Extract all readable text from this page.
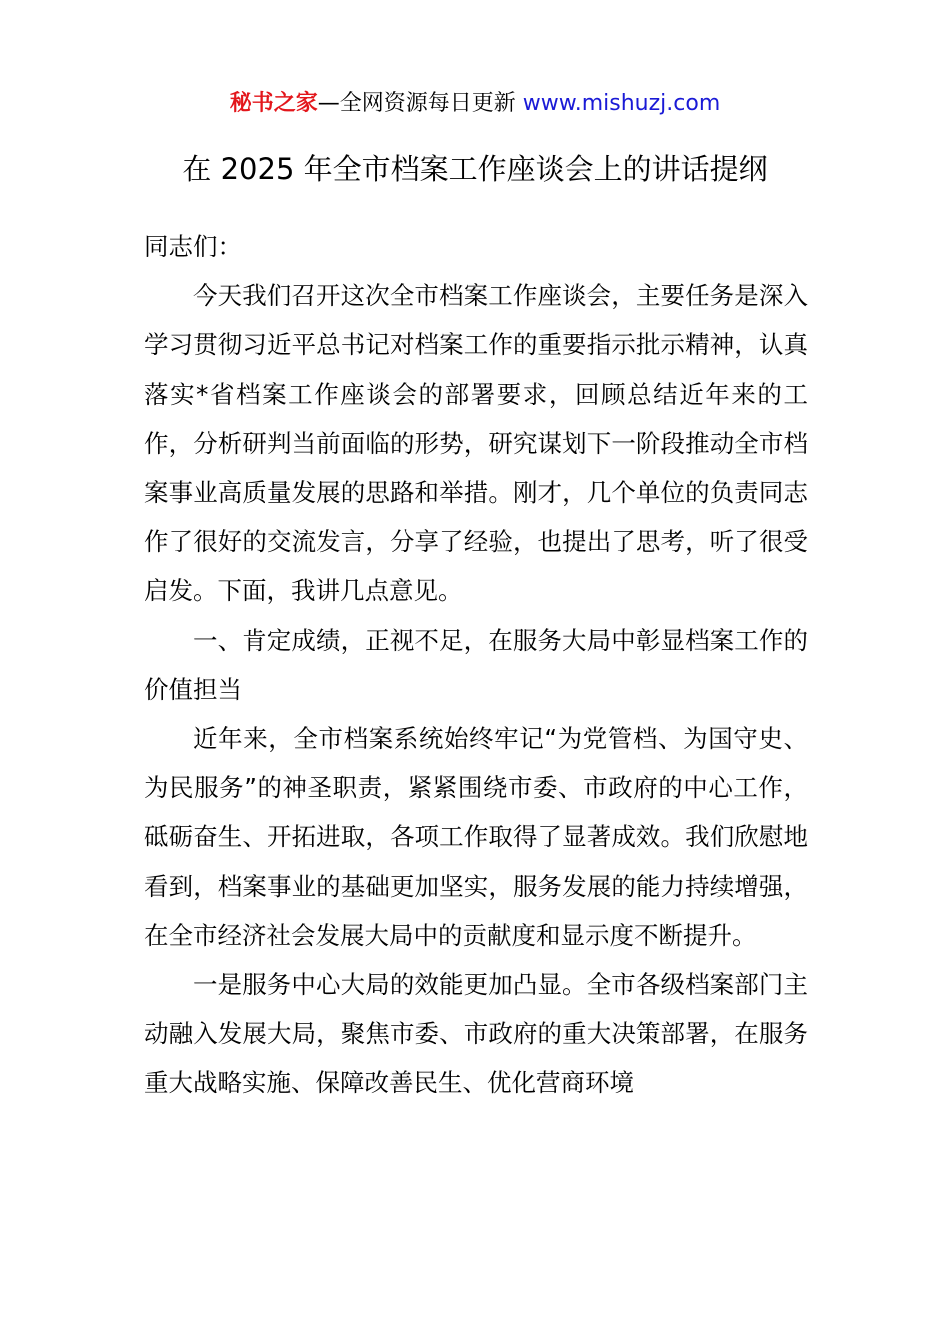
秘书之家—全网资源每日更新 www.mishuzj.com
在 2025 年全市档案工作座谈会上的讲话提纲

同志们：

今天我们召开这次全市档案工作座谈会，主要任务是深入学习贯彻习近平总书记对档案工作的重要指示批示精神，认真落实*省档案工作座谈会的部署要求，回顾总结近年来的工作，分析研判当前面临的形势，研究谋划下一阶段推动全市档案事业高质量发展的思路和举措。刚才，几个单位的负责同志作了很好的交流发言，分享了经验，也提出了思考，听了很受启发。下面，我讲几点意见。

一、肯定成绩，正视不足，在服务大局中彰显档案工作的价值担当

近年来，全市档案系统始终牢记“为党管档、为国守史、为民服务”的神圣职责，紧紧围绕市委、市政府的中心工作，砥砺奋生、开拓进取，各项工作取得了显著成效。我们欣慰地看到，档案事业的基础更加坚实，服务发展的能力持续增强，在全市经济社会发展大局中的贡献度和显示度不断提升。

一是服务中心大局的效能更加凸显。全市各级档案部门主动融入发展大局，聚焦市委、市政府的重大决策部署，在服务重大战略实施、保障改善民生、优化营商环境
